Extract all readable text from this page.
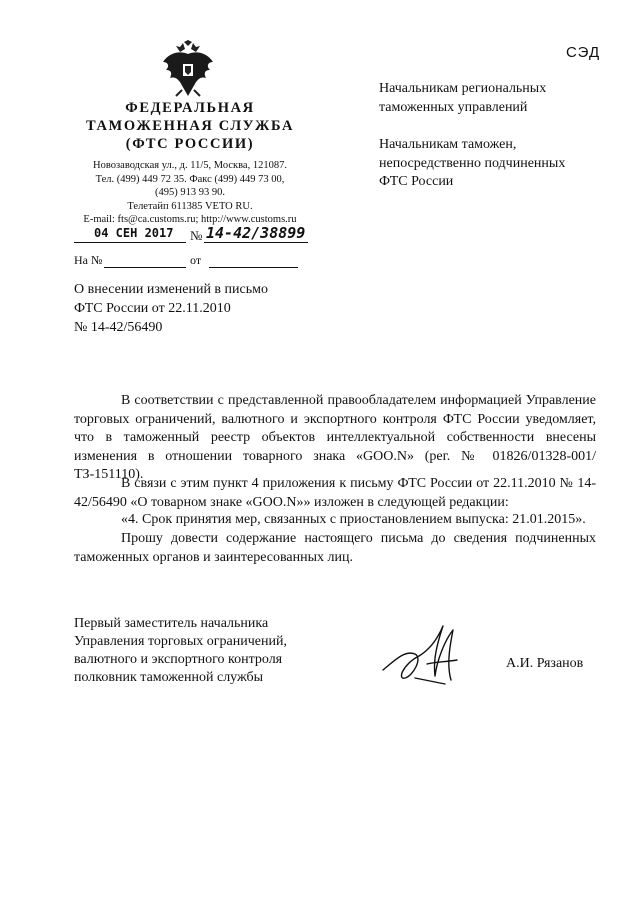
СЭД
ФЕДЕРАЛЬНАЯ
ТАМОЖЕННАЯ СЛУЖБА
(ФТС РОССИИ)
Новозаводская ул., д. 11/5, Москва, 121087.
Тел. (499) 449 72 35. Факс (499) 449 73 00,
(495) 913 93 90.
Телетайп 611385 VETO RU.
E-mail: fts@ca.customs.ru; http://www.customs.ru
04 СЕН 2017 № 14-42/38899
На №	от
Начальникам региональных
таможенных управлений
Начальникам таможен,
непосредственно подчиненных
ФТС России
О внесении изменений в письмо
ФТС России от 22.11.2010
№ 14-42/56490
В соответствии с представленной правообладателем информацией Управление торговых ограничений, валютного и экспортного контроля ФТС России уведомляет, что в таможенный реестр объектов интеллектуальной собственности внесены изменения в отношении товарного знака «GOO.N» (рег. № 01826/01328-001/ТЗ-151110).
В связи с этим пункт 4 приложения к письму ФТС России от 22.11.2010 № 14-42/56490 «О товарном знаке «GOO.N»» изложен в следующей редакции:
«4. Срок принятия мер, связанных с приостановлением выпуска: 21.01.2015».
Прошу довести содержание настоящего письма до сведения подчиненных таможенных органов и заинтересованных лиц.
Первый заместитель начальника
Управления торговых ограничений,
валютного и экспортного контроля
полковник таможенной службы
А.И. Рязанов
